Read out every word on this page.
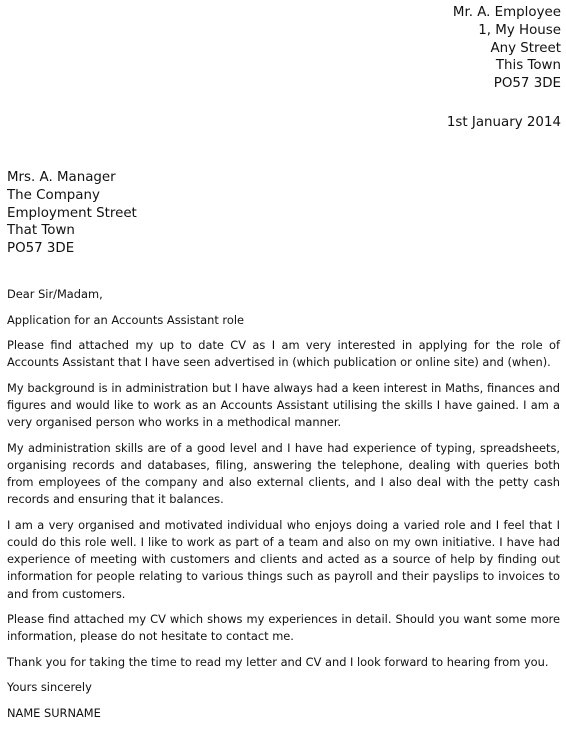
Mr. A. Employee
1, My House
Any Street
This Town
PO57 3DE
1st January 2014
Mrs. A. Manager
The Company
Employment Street
That Town
PO57 3DE

Dear Sir/Madam,

Application for an Accounts Assistant role

Please find attached my up to date CV as I am very interested in applying for the role of Accounts Assistant that I have seen advertised in (which publication or online site) and (when).

My background is in administration but I have always had a keen interest in Maths, finances and figures and would like to work as an Accounts Assistant utilising the skills I have gained. I am a very organised person who works in a methodical manner.

My administration skills are of a good level and I have had experience of typing, spreadsheets, organising records and databases, filing, answering the telephone, dealing with queries both from employees of the company and also external clients, and I also deal with the petty cash records and ensuring that it balances.

I am a very organised and motivated individual who enjoys doing a varied role and I feel that I could do this role well. I like to work as part of a team and also on my own initiative. I have had experience of meeting with customers and clients and acted as a source of help by finding out information for people relating to various things such as payroll and their payslips to invoices to and from customers.

Please find attached my CV which shows my experiences in detail. Should you want some more information, please do not hesitate to contact me.

Thank you for taking the time to read my letter and CV and I look forward to hearing from you.

Yours sincerely

NAME SURNAME
